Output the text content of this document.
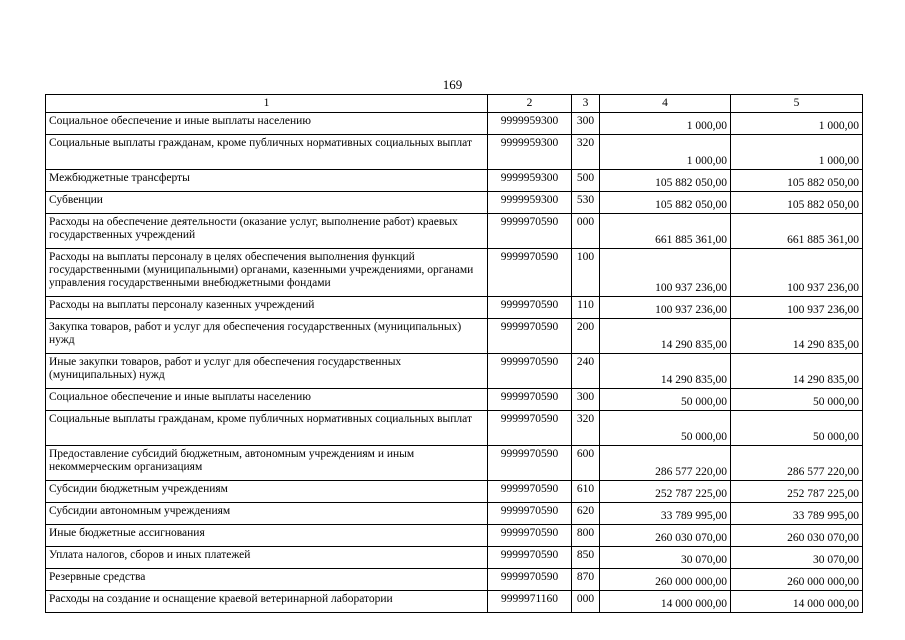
169
1	2	3	4	5
Социальное обеспечение и иные выплаты населению	9999959300	300	1 000,00	1 000,00
Социальные выплаты гражданам, кроме публичных нормативных социальных выплат	9999959300	320	1 000,00	1 000,00
Межбюджетные трансферты	9999959300	500	105 882 050,00	105 882 050,00
Субвенции	9999959300	530	105 882 050,00	105 882 050,00
Расходы на обеспечение деятельности (оказание услуг, выполнение работ) краевых государственных учреждений	9999970590	000	661 885 361,00	661 885 361,00
Расходы на выплаты персоналу в целях обеспечения выполнения функций государственными (муниципальными) органами, казенными учреждениями, органами управления государственными внебюджетными фондами	9999970590	100	100 937 236,00	100 937 236,00
Расходы на выплаты персоналу казенных учреждений	9999970590	110	100 937 236,00	100 937 236,00
Закупка товаров, работ и услуг для обеспечения государственных (муниципальных) нужд	9999970590	200	14 290 835,00	14 290 835,00
Иные закупки товаров, работ и услуг для обеспечения государственных (муниципальных) нужд	9999970590	240	14 290 835,00	14 290 835,00
Социальное обеспечение и иные выплаты населению	9999970590	300	50 000,00	50 000,00
Социальные выплаты гражданам, кроме публичных нормативных социальных выплат	9999970590	320	50 000,00	50 000,00
Предоставление субсидий бюджетным, автономным учреждениям и иным некоммерческим организациям	9999970590	600	286 577 220,00	286 577 220,00
Субсидии бюджетным учреждениям	9999970590	610	252 787 225,00	252 787 225,00
Субсидии автономным учреждениям	9999970590	620	33 789 995,00	33 789 995,00
Иные бюджетные ассигнования	9999970590	800	260 030 070,00	260 030 070,00
Уплата налогов, сборов и иных платежей	9999970590	850	30 070,00	30 070,00
Резервные средства	9999970590	870	260 000 000,00	260 000 000,00
Расходы на создание и оснащение краевой ветеринарной лаборатории	9999971160	000	14 000 000,00	14 000 000,00
